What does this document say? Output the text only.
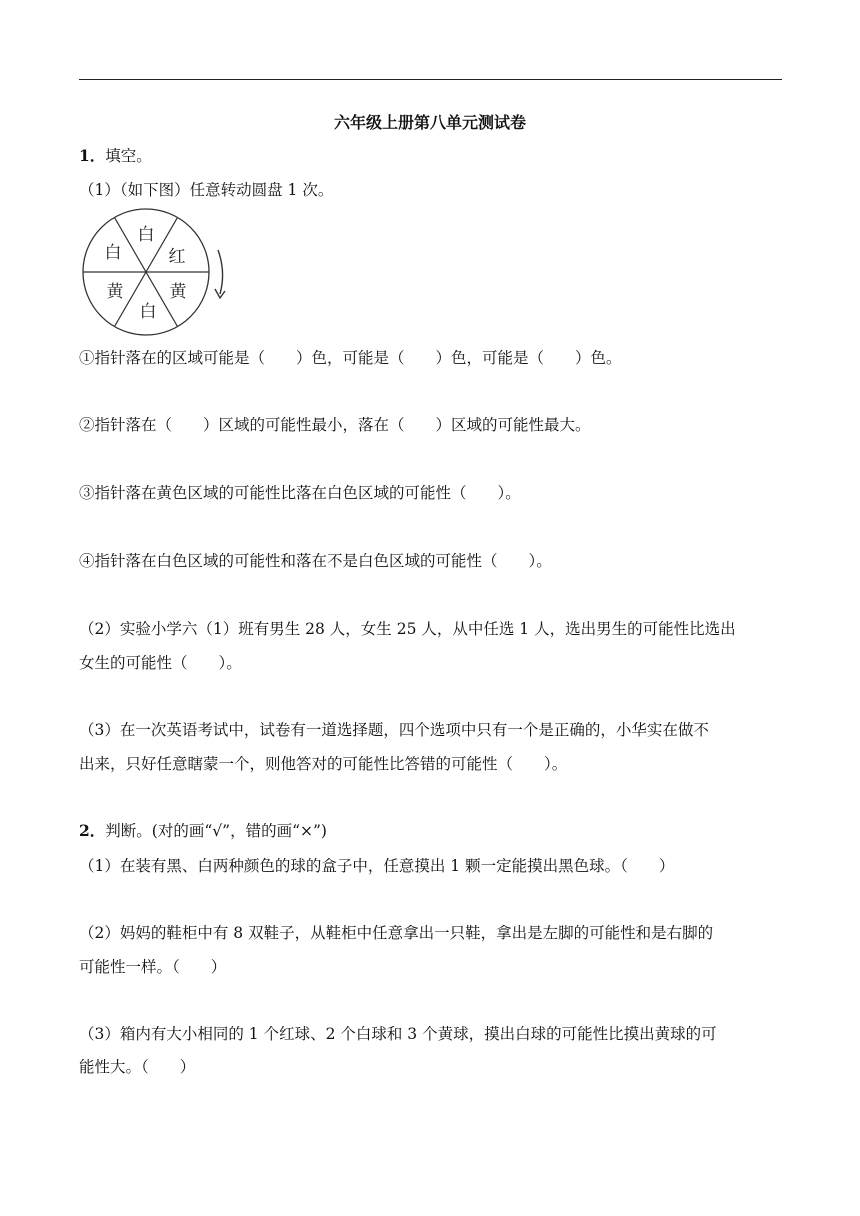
六年级上册第八单元测试卷
1．填空。
（1）（如下图）任意转动圆盘 1 次。
白
红
黄
白
黄
白
①指针落在的区域可能是（　　）色，可能是（　　）色，可能是（　　）色。
②指针落在（　　）区域的可能性最小，落在（　　）区域的可能性最大。
③指针落在黄色区域的可能性比落在白色区域的可能性（　　）。
④指针落在白色区域的可能性和落在不是白色区域的可能性（　　）。
（2）实验小学六（1）班有男生 28 人，女生 25 人，从中任选 1 人，选出男生的可能性比选出
女生的可能性（　　）。
（3）在一次英语考试中，试卷有一道选择题，四个选项中只有一个是正确的，小华实在做不
出来，只好任意瞎蒙一个，则他答对的可能性比答错的可能性（　　）。
2．判断。(对的画“√”，错的画“×”)
（1）在装有黑、白两种颜色的球的盒子中，任意摸出 1 颗一定能摸出黑色球。（　　）
（2）妈妈的鞋柜中有 8 双鞋子，从鞋柜中任意拿出一只鞋，拿出是左脚的可能性和是右脚的
可能性一样。（　　）
（3）箱内有大小相同的 1 个红球、2 个白球和 3 个黄球，摸出白球的可能性比摸出黄球的可
能性大。（　　）
